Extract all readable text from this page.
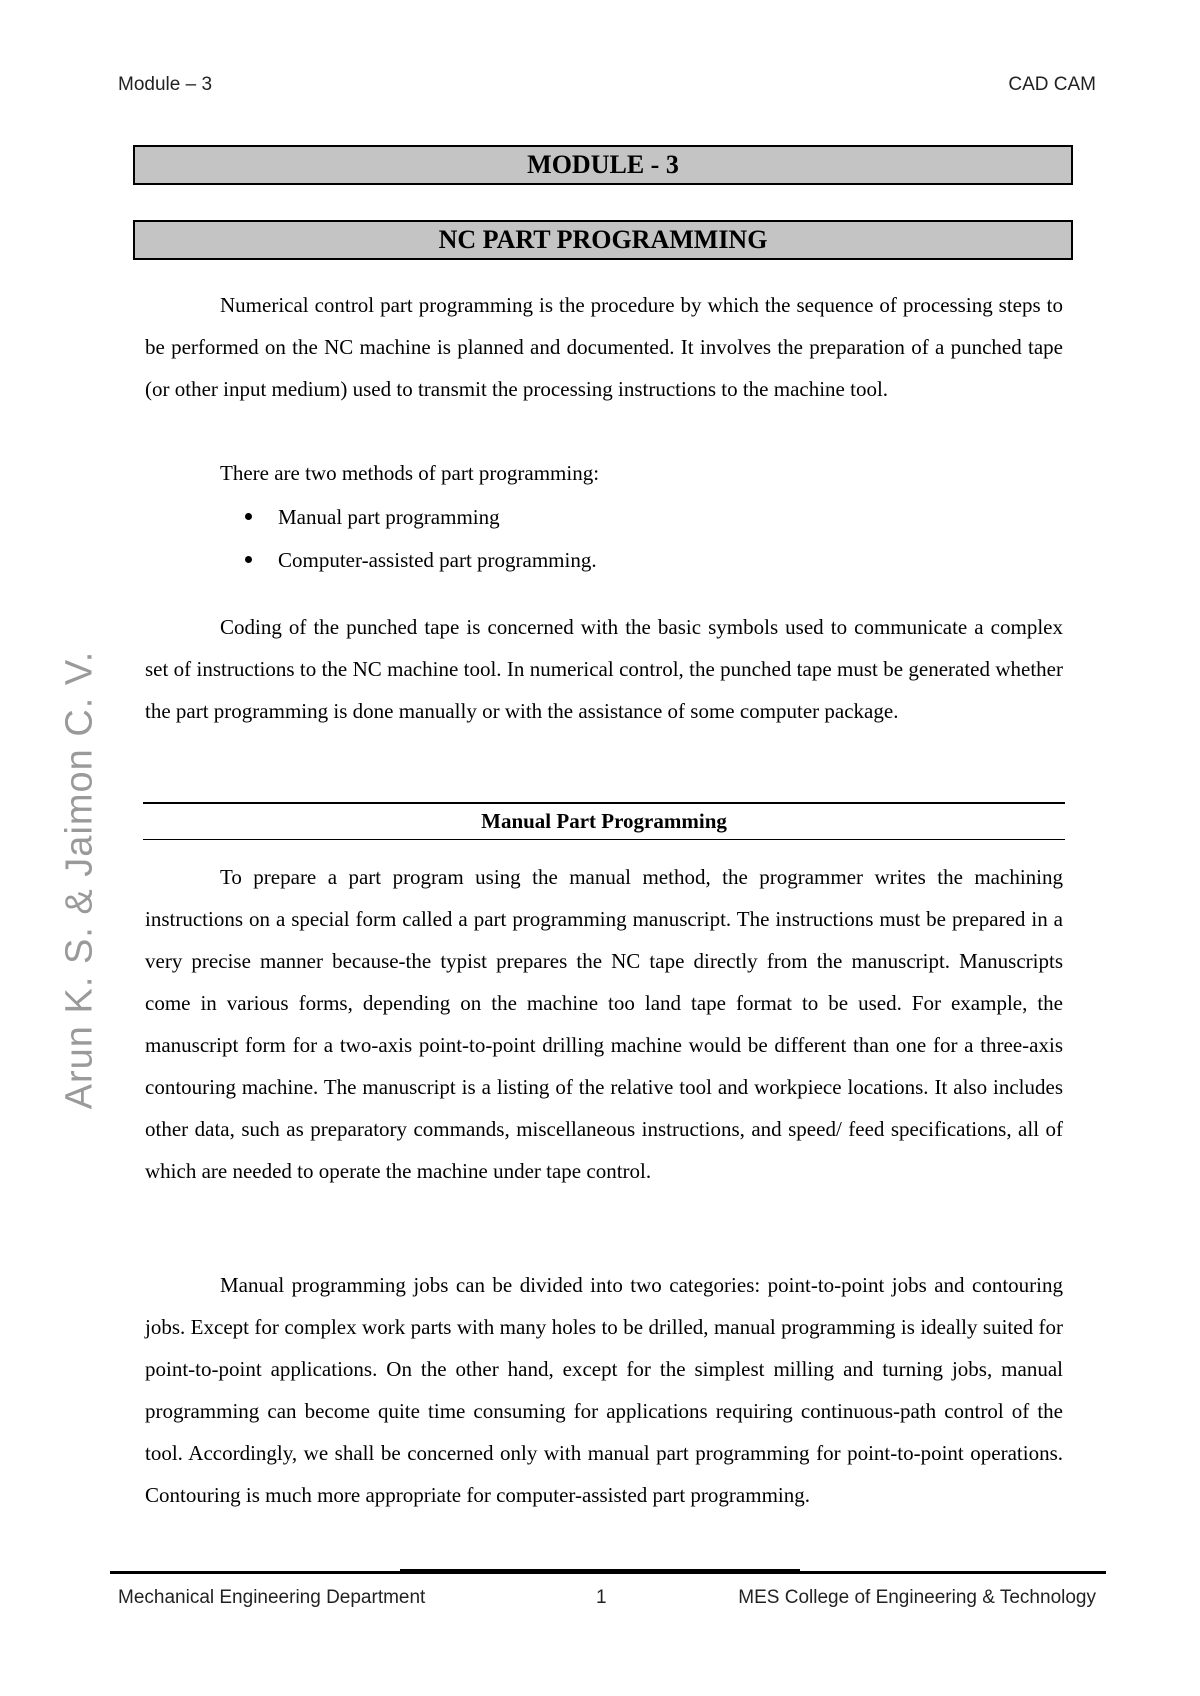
Module – 3	CAD CAM
MODULE - 3
NC PART PROGRAMMING
Arun K. S. & Jaimon C. V.

Numerical control part programming is the procedure by which the sequence of processing steps to be performed on the NC machine is planned and documented. It involves the preparation of a punched tape (or other input medium) used to transmit the processing instructions to the machine tool.

There are two methods of part programming:
Manual part programming
Computer-assisted part programming.

Coding of the punched tape is concerned with the basic symbols used to communicate a complex set of instructions to the NC machine tool. In numerical control, the punched tape must be generated whether the part programming is done manually or with the assistance of some computer package.

Manual Part Programming

To prepare a part program using the manual method, the programmer writes the machining instructions on a special form called a part programming manuscript. The instructions must be prepared in a very precise manner because-the typist prepares the NC tape directly from the manuscript. Manuscripts come in various forms, depending on the machine too land tape format to be used. For example, the manuscript form for a two-axis point-to-point drilling machine would be different than one for a three-axis contouring machine. The manuscript is a listing of the relative tool and workpiece locations. It also includes other data, such as preparatory commands, miscellaneous instructions, and speed/ feed specifications, all of which are needed to operate the machine under tape control.

Manual programming jobs can be divided into two categories: point-to-point jobs and contouring jobs. Except for complex work parts with many holes to be drilled, manual programming is ideally suited for point-to-point applications. On the other hand, except for the simplest milling and turning jobs, manual programming can become quite time consuming for applications requiring continuous-path control of the tool. Accordingly, we shall be concerned only with manual part programming for point-to-point operations. Contouring is much more appropriate for computer-assisted part programming.

Mechanical Engineering Department	1	MES College of Engineering & Technology
